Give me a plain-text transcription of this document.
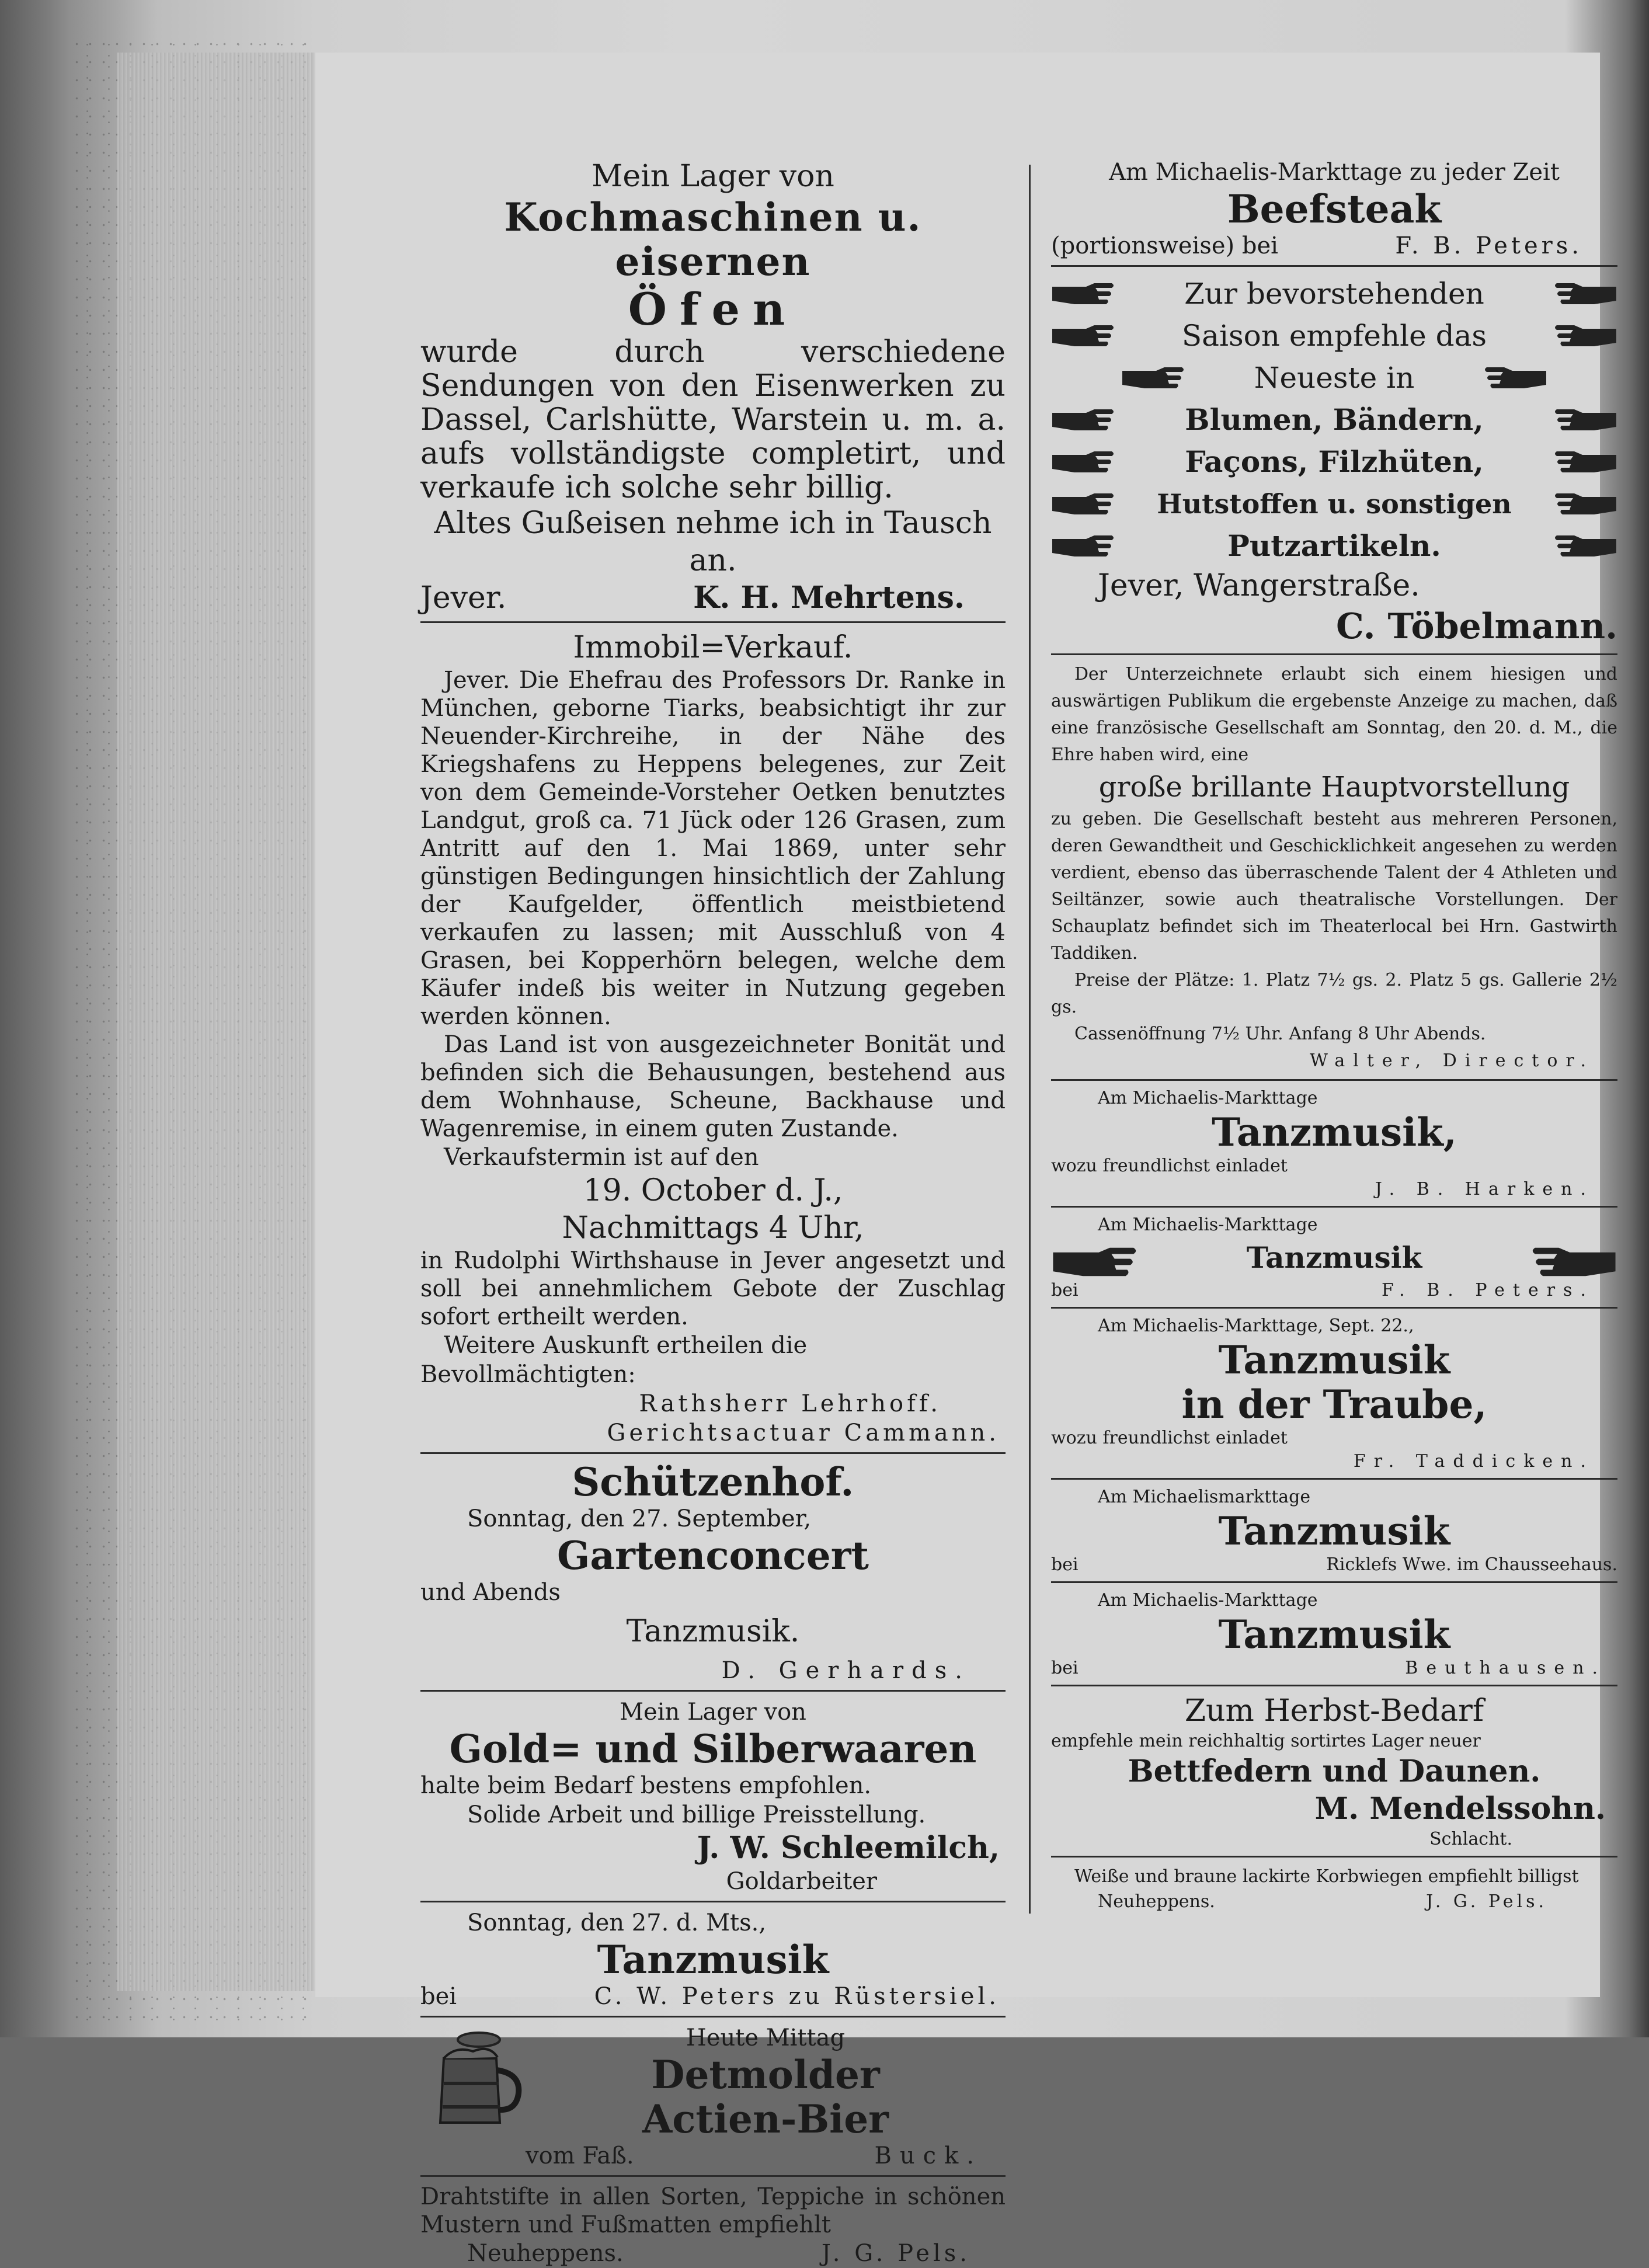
Mein Lager von
Kochmaschinen u. eisernen
Öfen
wurde durch verschiedene Sendungen von den Eisenwerken zu Dassel, Carlshütte, Warstein u. m. a. aufs vollständigste completirt, und verkaufe ich solche sehr billig.
Altes Gußeisen nehme ich in Tausch an.
Jever.	K. H. Mehrtens.
Immobil=Verkauf.
Jever. Die Ehefrau des Professors Dr. Ranke in München, geborne Tiarks, beabsichtigt ihr zur Neuender-Kirchreihe, in der Nähe des Kriegshafens zu Heppens belegenes, zur Zeit von dem Gemeinde-Vorsteher Oetken benutztes Landgut, groß ca. 71 Jück oder 126 Grasen, zum Antritt auf den 1. Mai 1869, unter sehr günstigen Bedingungen hinsichtlich der Zahlung der Kaufgelder, öffentlich meistbietend verkaufen zu lassen; mit Ausschluß von 4 Grasen, bei Kopperhörn belegen, welche dem Käufer indeß bis weiter in Nutzung gegeben werden können.
Das Land ist von ausgezeichneter Bonität und befinden sich die Behausungen, bestehend aus dem Wohnhause, Scheune, Backhause und Wagenremise, in einem guten Zustande.
Verkaufstermin ist auf den
19. October d. J.,
Nachmittags 4 Uhr,
in Rudolphi Wirthshause in Jever angesetzt und soll bei annehmlichem Gebote der Zuschlag sofort ertheilt werden.
Weitere Auskunft ertheilen die Bevollmächtigten:
Rathsherr Lehrhoff.
Gerichtsactuar Cammann.
Schützenhof.
Sonntag, den 27. September,
Gartenconcert
und Abends
Tanzmusik.
D. Gerhards.
Mein Lager von
Gold= und Silberwaaren
halte beim Bedarf bestens empfohlen.
Solide Arbeit und billige Preisstellung.
J. W. Schleemilch,
Goldarbeiter
Sonntag, den 27. d. Mts.,
Tanzmusik
bei	C. W. Peters zu Rüstersiel.
Heute Mittag
Detmolder
Actien-Bier
vom Faß.	Buck.
Drahtstifte in allen Sorten, Teppiche in schönen Mustern und Fußmatten empfiehlt
Neuheppens.	J. G. Pels.
Am Michaelis-Markttage zu jeder Zeit
Beefsteak
(portionsweise) bei	F. B. Peters.
Zur bevorstehenden
Saison empfehle das
Neueste in
Blumen, Bändern,
Façons, Filzhüten,
Hutstoffen u. sonstigen
Putzartikeln.
Jever, Wangerstraße.
C. Töbelmann.
Der Unterzeichnete erlaubt sich einem hiesigen und auswärtigen Publikum die ergebenste Anzeige zu machen, daß eine französische Gesellschaft am Sonntag, den 20. d. M., die Ehre haben wird, eine
große brillante Hauptvorstellung
zu geben. Die Gesellschaft besteht aus mehreren Personen, deren Gewandtheit und Geschicklichkeit angesehen zu werden verdient, ebenso das überraschende Talent der 4 Athleten und Seiltänzer, sowie auch theatralische Vorstellungen. Der Schauplatz befindet sich im Theaterlocal bei Hrn. Gastwirth Taddiken.
Preise der Plätze: 1. Platz 7½ gs. 2. Platz 5 gs. Gallerie 2½ gs.
Cassenöffnung 7½ Uhr. Anfang 8 Uhr Abends.
Walter, Director.
Am Michaelis-Markttage
Tanzmusik,
wozu freundlichst einladet
J. B. Harken.
Am Michaelis-Markttage
Tanzmusik
bei	F. B. Peters.
Am Michaelis-Markttage, Sept. 22.,
Tanzmusik
in der Traube,
wozu freundlichst einladet
Fr. Taddicken.
Am Michaelismarkttage
Tanzmusik
bei	Ricklefs Wwe. im Chausseehaus.
Am Michaelis-Markttage
Tanzmusik
bei	Beuthausen.
Zum Herbst-Bedarf
empfehle mein reichhaltig sortirtes Lager neuer
Bettfedern und Daunen.
M. Mendelssohn.
Schlacht.
Weiße und braune lackirte Korbwiegen empfiehlt billigst
Neuheppens.	J. G. Pels.
